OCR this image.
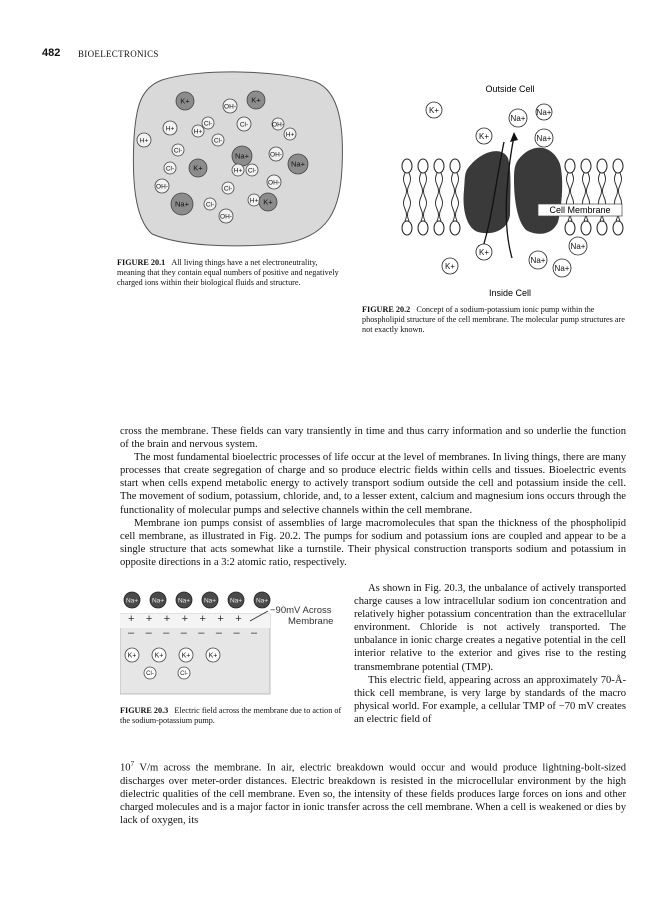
482 BIOELECTRONICS
K+
OH-
K+
H+
Cl-
H+
Cl-	OH-
H+	Cl-
H+
Cl-
Na+	OH-
Cl-	K+	H+ Cl-
OH-
OH-
Na+
Cl-
Na+	Cl-
H+ K+
OH-
FIGURE 20.1 All living things have a net electroneutrality, meaning that they contain equal numbers of positive and negatively charged ions within their biological fluids and structure.
Outside Cell
Cell Membrane
K+
Na+
Na+
K+	Na+
K+
K+
Na+
Na+
Na+
Inside Cell
FIGURE 20.2 Concept of a sodium-potassium ionic pump within the phospholipid structure of the cell membrane. The molecular pump structures are not exactly known.

cross the membrane. These fields can vary transiently in time and thus carry information and so underlie the function of the brain and nervous system.

The most fundamental bioelectric processes of life occur at the level of membranes. In living things, there are many processes that create segregation of charge and so produce electric fields within cells and tissues. Bioelectric events start when cells expend metabolic energy to actively transport sodium outside the cell and potassium inside the cell. The movement of sodium, potassium, chloride, and, to a lesser extent, calcium and magnesium ions occurs through the functionality of molecular pumps and selective channels within the cell membrane.

Membrane ion pumps consist of assemblies of large macromolecules that span the thickness of the phospholipid cell membrane, as illustrated in Fig. 20.2. The pumps for sodium and potassium ions are coupled and appear to be a single structure that acts somewhat like a turnstile. Their physical construction transports sodium and potassium in opposite directions in a 3:2 atomic ratio, respectively.

Na+ Na+ Na+ Na+ Na+ Na+
+ + + + + + +
– – – – – – – –
K+	K+	K+	K+
Cl-	Cl-
−90mV Across
Membrane
FIGURE 20.3 Electric field across the membrane due to action of the sodium-potassium pump.

As shown in Fig. 20.3, the unbalance of actively transported charge causes a low intracellular sodium ion concentration and relatively higher potassium concentration than the extracellular environment. Chloride is not actively transported. The unbalance in ionic charge creates a negative potential in the cell interior relative to the exterior and gives rise to the resting transmembrane potential (TMP).

This electric field, appearing across an approximately 70-Å-thick cell membrane, is very large by standards of the macro physical world. For example, a cellular TMP of −70 mV creates an electric field of

$10^7$ V/m across the membrane. In air, electric breakdown would occur and would produce lightning-bolt-sized discharges over meter-order distances. Electric breakdown is resisted in the microcellular environment by the high dielectric qualities of the cell membrane. Even so, the intensity of these fields produces large forces on ions and other charged molecules and is a major factor in ionic transfer across the cell membrane. When a cell is weakened or dies by lack of oxygen, its
